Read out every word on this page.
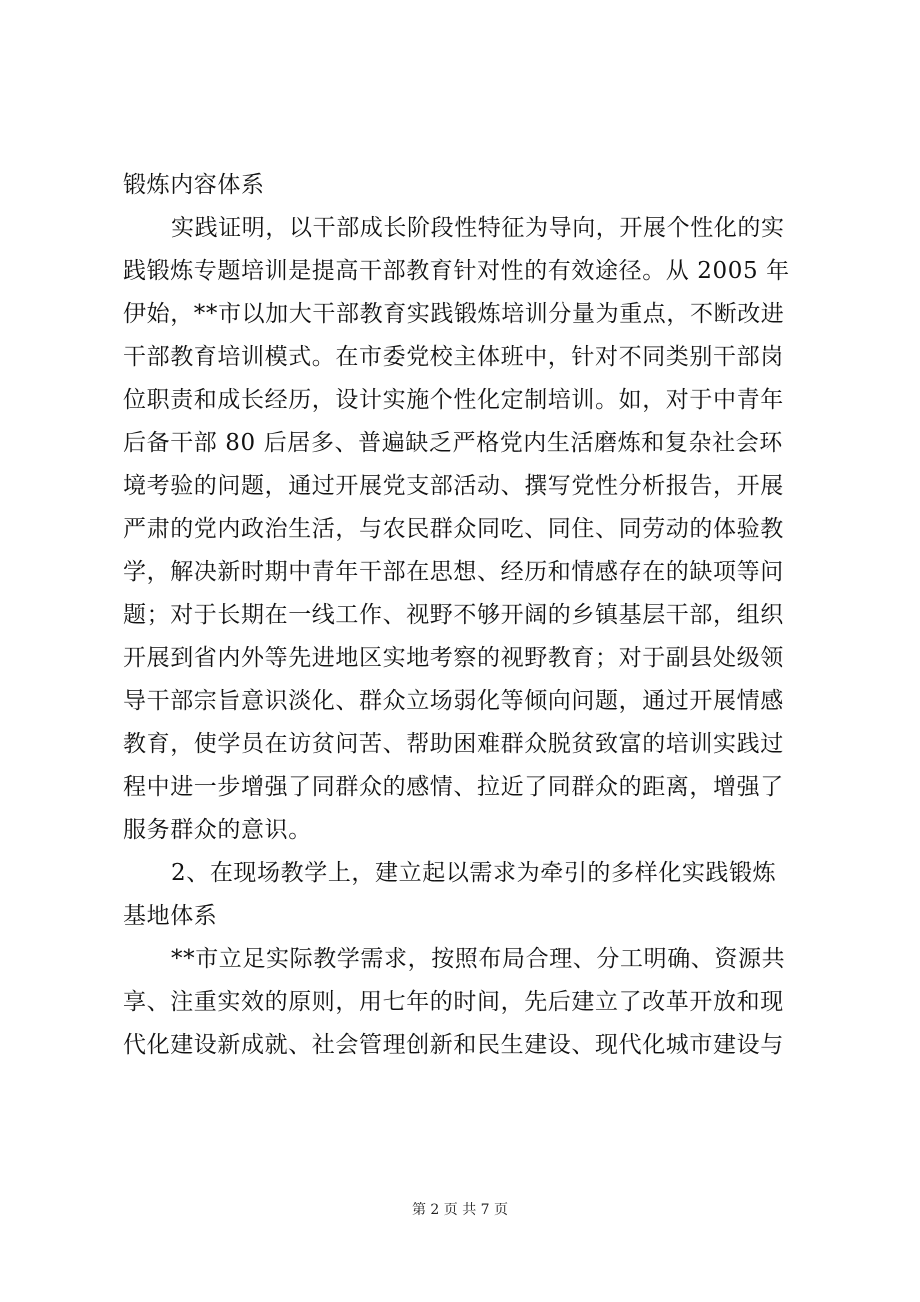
锻炼内容体系
实践证明，以干部成长阶段性特征为导向，开展个性化的实
践锻炼专题培训是提高干部教育针对性的有效途径。从 2005 年
伊始，**市以加大干部教育实践锻炼培训分量为重点，不断改进
干部教育培训模式。在市委党校主体班中，针对不同类别干部岗
位职责和成长经历，设计实施个性化定制培训。如，对于中青年
后备干部 80 后居多、普遍缺乏严格党内生活磨炼和复杂社会环
境考验的问题，通过开展党支部活动、撰写党性分析报告，开展
严肃的党内政治生活，与农民群众同吃、同住、同劳动的体验教
学，解决新时期中青年干部在思想、经历和情感存在的缺项等问
题；对于长期在一线工作、视野不够开阔的乡镇基层干部，组织
开展到省内外等先进地区实地考察的视野教育；对于副县处级领
导干部宗旨意识淡化、群众立场弱化等倾向问题，通过开展情感
教育，使学员在访贫问苦、帮助困难群众脱贫致富的培训实践过
程中进一步增强了同群众的感情、拉近了同群众的距离，增强了
服务群众的意识。
2、在现场教学上，建立起以需求为牵引的多样化实践锻炼
基地体系
**市立足实际教学需求，按照布局合理、分工明确、资源共
享、注重实效的原则，用七年的时间，先后建立了改革开放和现
代化建设新成就、社会管理创新和民生建设、现代化城市建设与
第 2 页 共 7 页
